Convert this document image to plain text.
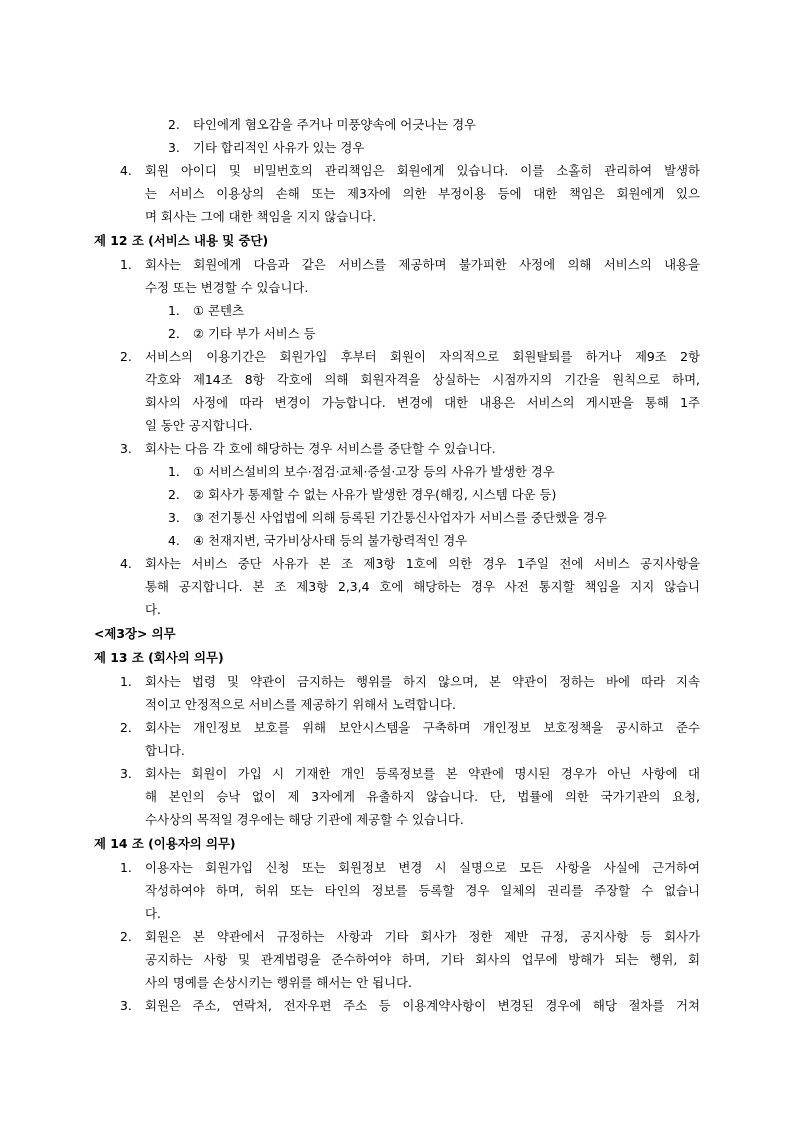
2. 타인에게 혐오감을 주거나 미풍양속에 어긋나는 경우
3. 기타 합리적인 사유가 있는 경우
4. 회원 아이디 및 비밀번호의 관리책임은 회원에게 있습니다. 이를 소홀히 관리하여 발생하
는 서비스 이용상의 손해 또는 제3자에 의한 부정이용 등에 대한 책임은 회원에게 있으
며 회사는 그에 대한 책임을 지지 않습니다.
제 12 조 (서비스 내용 및 중단)
1. 회사는 회원에게 다음과 같은 서비스를 제공하며 불가피한 사정에 의해 서비스의 내용을
수정 또는 변경할 수 있습니다.
1. ① 콘텐츠
2. ② 기타 부가 서비스 등
2. 서비스의 이용기간은 회원가입 후부터 회원이 자의적으로 회원탈퇴를 하거나 제9조 2항
각호와 제14조 8항 각호에 의해 회원자격을 상실하는 시점까지의 기간을 원칙으로 하며,
회사의 사정에 따라 변경이 가능합니다. 변경에 대한 내용은 서비스의 게시판을 통해 1주
일 동안 공지합니다.
3. 회사는 다음 각 호에 해당하는 경우 서비스를 중단할 수 있습니다.
1. ① 서비스설비의 보수·점검·교체·증설·고장 등의 사유가 발생한 경우
2. ② 회사가 통제할 수 없는 사유가 발생한 경우(해킹, 시스템 다운 등)
3. ③ 전기통신 사업법에 의해 등록된 기간통신사업자가 서비스를 중단했을 경우
4. ④ 천재지변, 국가비상사태 등의 불가항력적인 경우
4. 회사는 서비스 중단 사유가 본 조 제3항 1호에 의한 경우 1주일 전에 서비스 공지사항을
통해 공지합니다. 본 조 제3항 2,3,4 호에 해당하는 경우 사전 통지할 책임을 지지 않습니
다.
<제3장> 의무
제 13 조 (회사의 의무)
1. 회사는 법령 및 약관이 금지하는 행위를 하지 않으며, 본 약관이 정하는 바에 따라 지속
적이고 안정적으로 서비스를 제공하기 위해서 노력합니다.
2. 회사는 개인정보 보호를 위해 보안시스템을 구축하며 개인정보 보호정책을 공시하고 준수
합니다.
3. 회사는 회원이 가입 시 기재한 개인 등록정보를 본 약관에 명시된 경우가 아닌 사항에 대
해 본인의 승낙 없이 제 3자에게 유출하지 않습니다. 단, 법률에 의한 국가기관의 요청,
수사상의 목적일 경우에는 해당 기관에 제공할 수 있습니다.
제 14 조 (이용자의 의무)
1. 이용자는 회원가입 신청 또는 회원정보 변경 시 실명으로 모든 사항을 사실에 근거하여
작성하여야 하며, 허위 또는 타인의 정보를 등록할 경우 일체의 권리를 주장할 수 없습니
다.
2. 회원은 본 약관에서 규정하는 사항과 기타 회사가 정한 제반 규정, 공지사항 등 회사가
공지하는 사항 및 관계법령을 준수하여야 하며, 기타 회사의 업무에 방해가 되는 행위, 회
사의 명예를 손상시키는 행위를 해서는 안 됩니다.
3. 회원은 주소, 연락처, 전자우편 주소 등 이용계약사항이 변경된 경우에 해당 절차를 거쳐
